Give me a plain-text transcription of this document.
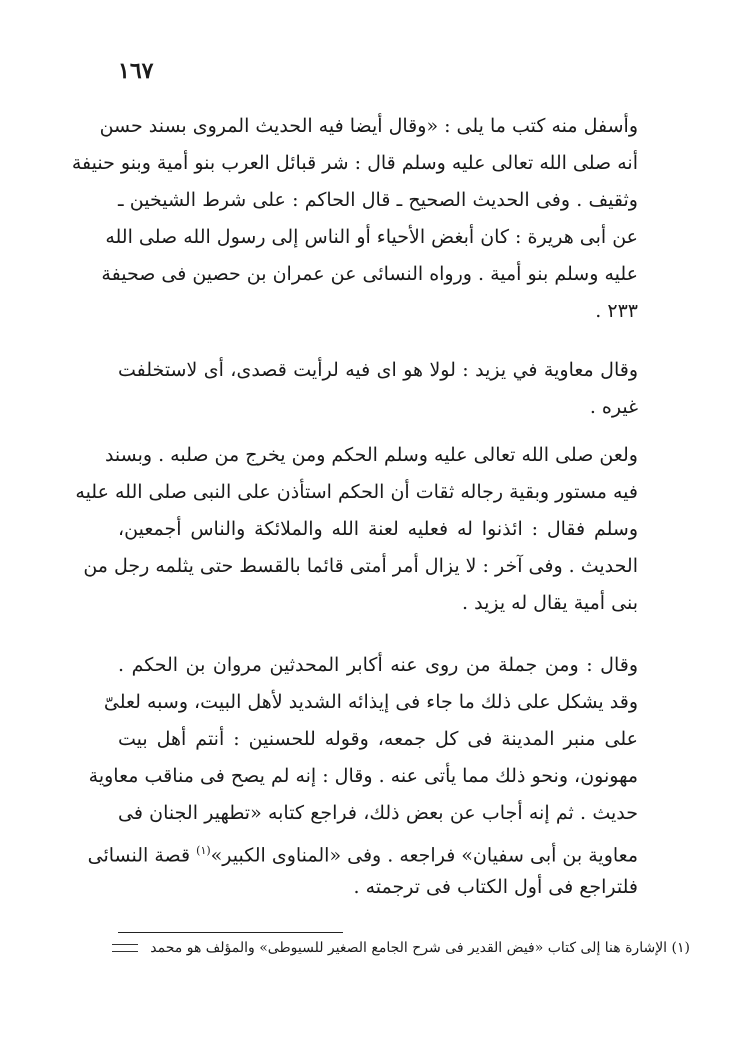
١٦٧
وأسفل منه كتب ما يلى : «وقال أيضا فيه الحديث المروى بسند حسن
أنه صلى الله تعالى عليه وسلم قال : شر قبائل العرب بنو أمية وبنو حنيفة
وثقيف . وفى الحديث الصحيح ـ قال الحاكم : على شرط الشيخين ـ
عن أبى هريرة : كان أبغض الأحياء أو الناس إلى رسول الله صلى الله
عليه وسلم بنو أمية . ورواه النسائى عن عمران بن حصين فى صحيفة
٢٣٣ .
وقال معاوية في يزيد : لولا هو اى فيه لرأيت قصدى، أى لاستخلفت
غيره .
ولعن صلى الله تعالى عليه وسلم الحكم ومن يخرج من صلبه . وبسند
فيه مستور وبقية رجاله ثقات أن الحكم استأذن على النبى صلى الله عليه
وسلم فقال : ائذنوا له فعليه لعنة الله والملائكة والناس أجمعين،
الحديث . وفى آخر : لا يزال أمر أمتى قائما بالقسط حتى يثلمه رجل من
بنى أمية يقال له يزيد .
وقال : ومن جملة من روى عنه أكابر المحدثين مروان بن الحكم .
وقد يشكل على ذلك ما جاء فى إيذائه الشديد لأهل البيت، وسبه لعلىّ
على منبر المدينة فى كل جمعه، وقوله للحسنين : أنتم أهل بيت
مهونون، ونحو ذلك مما يأتى عنه . وقال : إنه لم يصح فى مناقب معاوية
حديث . ثم إنه أجاب عن بعض ذلك، فراجع كتابه «تطهير الجنان فى
معاوية بن أبى سفيان» فراجعه . وفى «المناوى الكبير»$^{(١)}$ قصة النسائى
فلتراجع فى أول الكتاب فى ترجمته .
(١) الإشارة هنا إلى كتاب «فيض القدير فى شرح الجامع الصغير للسيوطى» والمؤلف هو محمد
